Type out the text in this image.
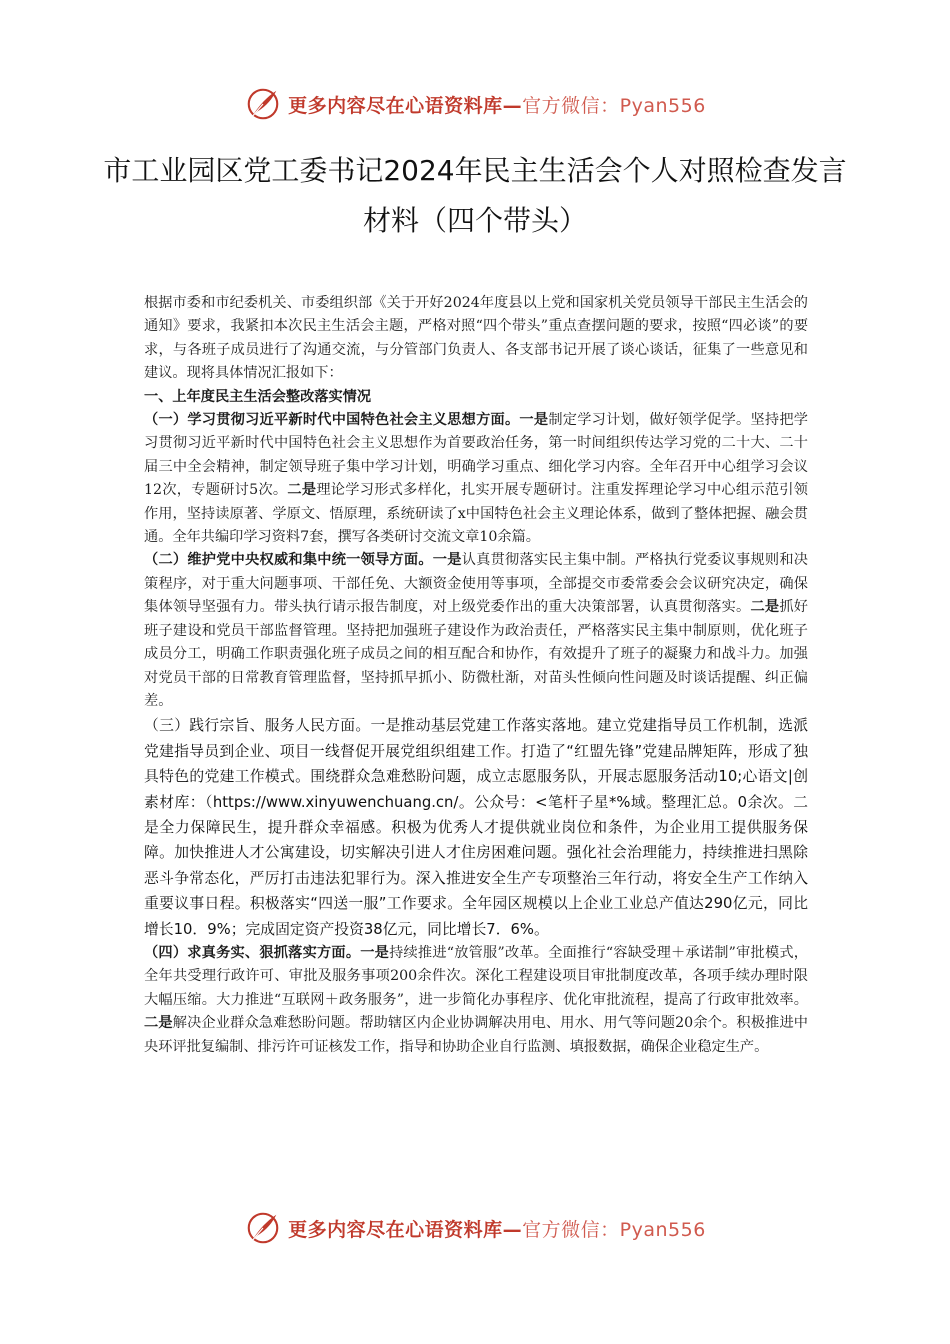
更多内容尽在心语资料库—官方微信：Pyan556
市工业园区党工委书记2024年民主生活会个人对照检查发言材料（四个带头）

根据市委和市纪委机关、市委组织部《关于开好2024年度县以上党和国家机关党员领导干部民主生活会的通知》要求，我紧扣本次民主生活会主题，严格对照“四个带头”重点查摆问题的要求，按照“四必谈”的要求，与各班子成员进行了沟通交流，与分管部门负责人、各支部书记开展了谈心谈话，征集了一些意见和建议。现将具体情况汇报如下：

一、上年度民主生活会整改落实情况

（一）学习贯彻习近平新时代中国特色社会主义思想方面。一是制定学习计划，做好领学促学。坚持把学习贯彻习近平新时代中国特色社会主义思想作为首要政治任务，第一时间组织传达学习党的二十大、二十届三中全会精神，制定领导班子集中学习计划，明确学习重点、细化学习内容。全年召开中心组学习会议12次，专题研讨5次。二是理论学习形式多样化，扎实开展专题研讨。注重发挥理论学习中心组示范引领作用，坚持读原著、学原文、悟原理，系统研读了x中国特色社会主义理论体系，做到了整体把握、融会贯通。全年共编印学习资料7套，撰写各类研讨交流文章10余篇。

（二）维护党中央权威和集中统一领导方面。一是认真贯彻落实民主集中制。严格执行党委议事规则和决策程序，对于重大问题事项、干部任免、大额资金使用等事项，全部提交市委常委会会议研究决定，确保集体领导坚强有力。带头执行请示报告制度，对上级党委作出的重大决策部署，认真贯彻落实。二是抓好班子建设和党员干部监督管理。坚持把加强班子建设作为政治责任，严格落实民主集中制原则，优化班子成员分工，明确工作职责强化班子成员之间的相互配合和协作，有效提升了班子的凝聚力和战斗力。加强对党员干部的日常教育管理监督，坚持抓早抓小、防微杜渐，对苗头性倾向性问题及时谈话提醒、纠正偏差。

（三）践行宗旨、服务人民方面。一是推动基层党建工作落实落地。建立党建指导员工作机制，选派党建指导员到企业、项目一线督促开展党组织组建工作。打造了“红盟先锋”党建品牌矩阵，形成了独具特色的党建工作模式。围绕群众急难愁盼问题，成立志愿服务队，开展志愿服务活动10;心语文|创素材库：（https://www.xinyuwenchuang.cn/。公众号：<笔杆子星*%域。整理汇总。0余次。二是全力保障民生，提升群众幸福感。积极为优秀人才提供就业岗位和条件，为企业用工提供服务保障。加快推进人才公寓建设，切实解决引进人才住房困难问题。强化社会治理能力，持续推进扫黑除恶斗争常态化，严厉打击违法犯罪行为。深入推进安全生产专项整治三年行动，将安全生产工作纳入重要议事日程。积极落实“四送一服”工作要求。全年园区规模以上企业工业总产值达290亿元，同比增长10．9%；完成固定资产投资38亿元，同比增长7．6%。

（四）求真务实、狠抓落实方面。一是持续推进“放管服”改革。全面推行“容缺受理＋承诺制”审批模式，全年共受理行政许可、审批及服务事项200余件次。深化工程建设项目审批制度改革，各项手续办理时限大幅压缩。大力推进“互联网＋政务服务”，进一步简化办事程序、优化审批流程，提高了行政审批效率。二是解决企业群众急难愁盼问题。帮助辖区内企业协调解决用电、用水、用气等问题20余个。积极推进中央环评批复编制、排污许可证核发工作，指导和协助企业自行监测、填报数据，确保企业稳定生产。

更多内容尽在心语资料库—官方微信：Pyan556
